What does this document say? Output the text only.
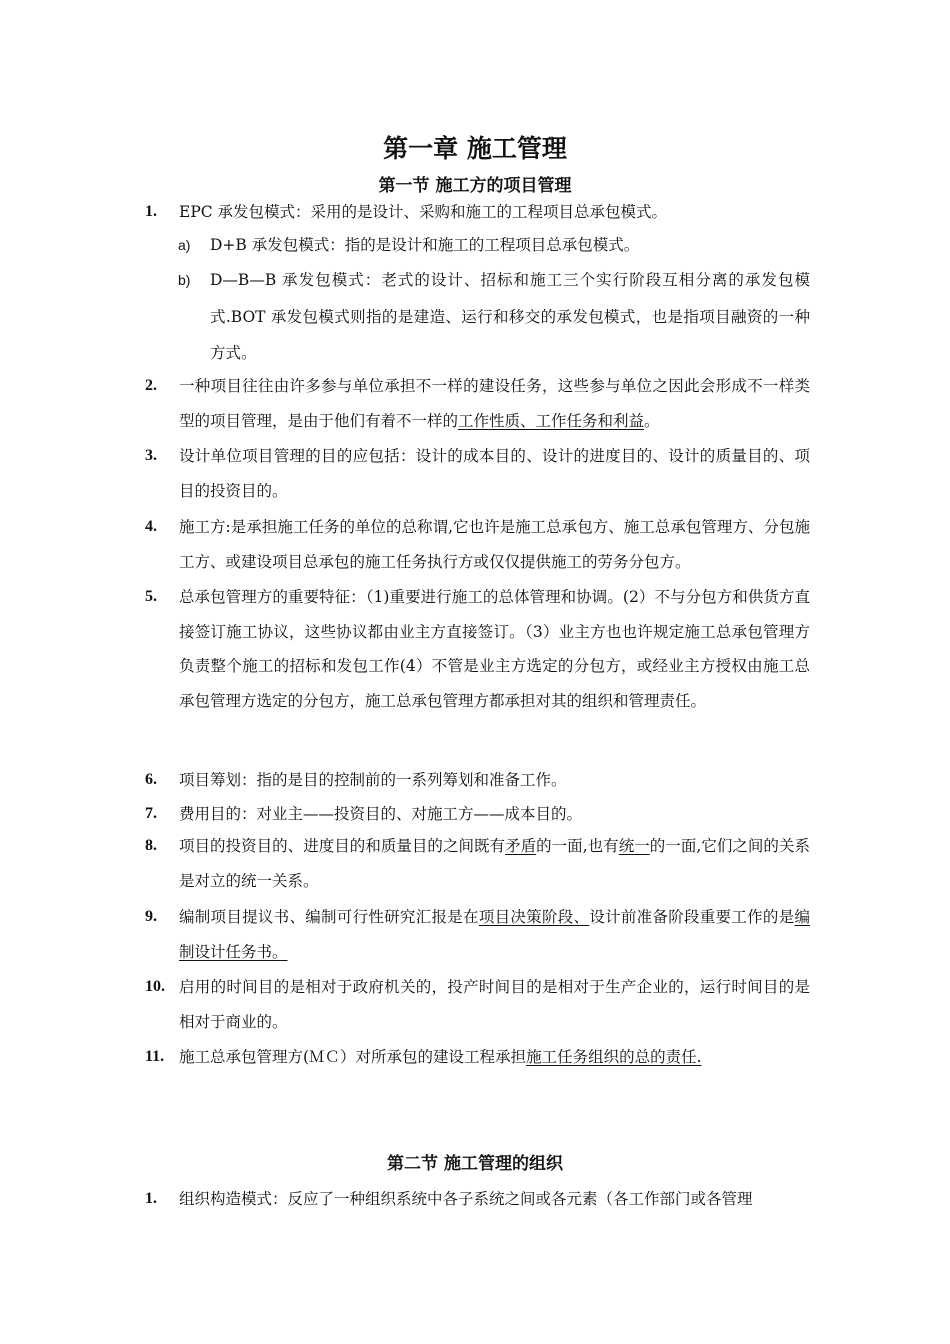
第一章 施工管理
第一节 施工方的项目管理
1.	EPC 承发包模式：采用的是设计、采购和施工的工程项目总承包模式。
a)	D+B 承发包模式：指的是设计和施工的工程项目总承包模式。
b)	D—B—B 承发包模式：老式的设计、招标和施工三个实行阶段互相分离的承发包模式.BOT 承发包模式则指的是建造、运行和移交的承发包模式，也是指项目融资的一种方式。
2.	一种项目往往由许多参与单位承担不一样的建设任务，这些参与单位之因此会形成不一样类型的项目管理，是由于他们有着不一样的工作性质、工作任务和利益。
3.	设计单位项目管理的目的应包括：设计的成本目的、设计的进度目的、设计的质量目的、项目的投资目的。
4.	施工方:是承担施工任务的单位的总称谓,它也许是施工总承包方、施工总承包管理方、分包施工方、或建设项目总承包的施工任务执行方或仅仅提供施工的劳务分包方。
5.	总承包管理方的重要特征：（1)重要进行施工的总体管理和协调。(2）不与分包方和供货方直接签订施工协议，这些协议都由业主方直接签订。（3）业主方也也许规定施工总承包管理方负责整个施工的招标和发包工作(4）不管是业主方选定的分包方，或经业主方授权由施工总承包管理方选定的分包方，施工总承包管理方都承担对其的组织和管理责任。
6.	项目筹划：指的是目的控制前的一系列筹划和准备工作。
7.	费用目的：对业主——投资目的、对施工方——成本目的。
8.	项目的投资目的、进度目的和质量目的之间既有矛盾的一面,也有统一的一面,它们之间的关系是对立的统一关系。
9.	编制项目提议书、编制可行性研究汇报是在项目决策阶段、设计前准备阶段重要工作的是编制设计任务书。
10. 启用的时间目的是相对于政府机关的，投产时间目的是相对于生产企业的，运行时间目的是相对于商业的。
11. 施工总承包管理方(ＭＣ）对所承包的建设工程承担施工任务组织的总的责任.
第二节 施工管理的组织
1.	组织构造模式：反应了一种组织系统中各子系统之间或各元素（各工作部门或各管理
